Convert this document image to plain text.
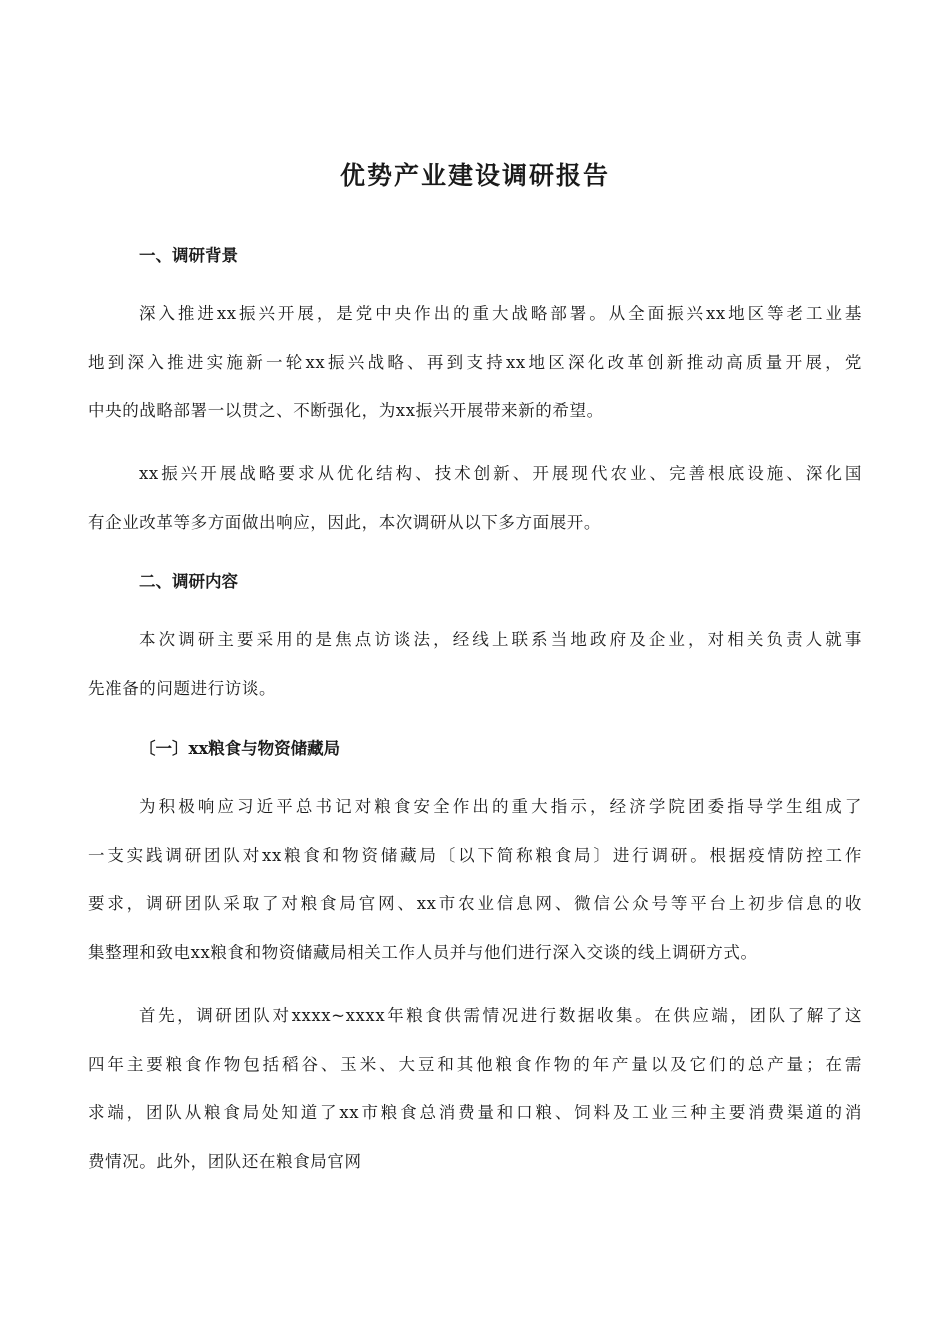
优势产业建设调研报告
一、调研背景
深入推进xx振兴开展，是党中央作出的重大战略部署。从全面振兴xx地区等老工业基
地到深入推进实施新一轮xx振兴战略、再到支持xx地区深化改革创新推动高质量开展，党
中央的战略部署一以贯之、不断强化，为xx振兴开展带来新的希望。
xx振兴开展战略要求从优化结构、技术创新、开展现代农业、完善根底设施、深化国
有企业改革等多方面做出响应，因此，本次调研从以下多方面展开。
二、调研内容
本次调研主要采用的是焦点访谈法，经线上联系当地政府及企业，对相关负责人就事
先准备的问题进行访谈。
〔一〕xx粮食与物资储藏局
为积极响应习近平总书记对粮食安全作出的重大指示，经济学院团委指导学生组成了
一支实践调研团队对xx粮食和物资储藏局〔以下简称粮食局〕进行调研。根据疫情防控工作
要求，调研团队采取了对粮食局官网、xx市农业信息网、微信公众号等平台上初步信息的收
集整理和致电xx粮食和物资储藏局相关工作人员并与他们进行深入交谈的线上调研方式。
首先，调研团队对xxxx~xxxx年粮食供需情况进行数据收集。在供应端，团队了解了这
四年主要粮食作物包括稻谷、玉米、大豆和其他粮食作物的年产量以及它们的总产量；在需
求端，团队从粮食局处知道了xx市粮食总消费量和口粮、饲料及工业三种主要消费渠道的消
费情况。此外，团队还在粮食局官网
